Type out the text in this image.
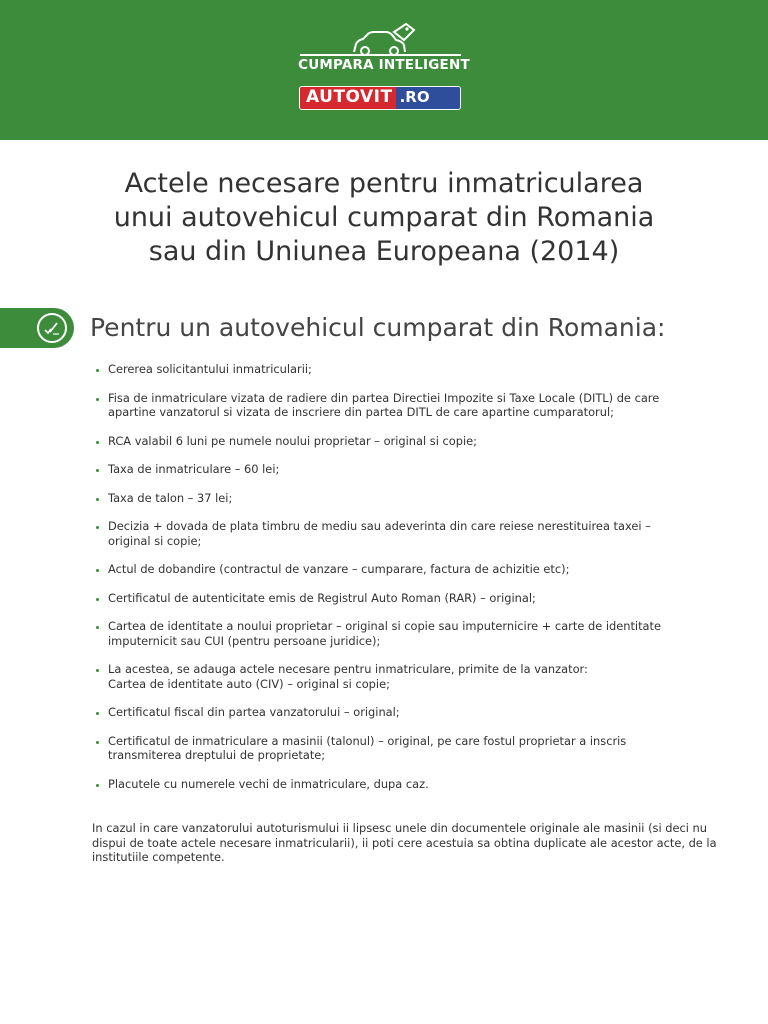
CUMPARA INTELIGENT
AUTOVIT .RO
Actele necesare pentru inmatricularea
unui autovehicul cumparat din Romania
sau din Uniunea Europeana (2014)
Pentru un autovehicul cumparat din Romania:
• Cererea solicitantului inmatricularii;
• Fisa de inmatriculare vizata de radiere din partea Directiei Impozite si Taxe Locale (DITL) de care
apartine vanzatorul si vizata de inscriere din partea DITL de care apartine cumparatorul;
• RCA valabil 6 luni pe numele noului proprietar – original si copie;
• Taxa de inmatriculare – 60 lei;
• Taxa de talon – 37 lei;
• Decizia + dovada de plata timbru de mediu sau adeverinta din care reiese nerestituirea taxei –
original si copie;
• Actul de dobandire (contractul de vanzare – cumparare, factura de achizitie etc);
• Certificatul de autenticitate emis de Registrul Auto Roman (RAR) – original;
• Cartea de identitate a noului proprietar – original si copie sau imputernicire + carte de identitate
imputernicit sau CUI (pentru persoane juridice);
• La acestea, se adauga actele necesare pentru inmatriculare, primite de la vanzator:
Cartea de identitate auto (CIV) – original si copie;
• Certificatul fiscal din partea vanzatorului – original;
• Certificatul de inmatriculare a masinii (talonul) – original, pe care fostul proprietar a inscris
transmiterea dreptului de proprietate;
• Placutele cu numerele vechi de inmatriculare, dupa caz.

In cazul in care vanzatorului autoturismului ii lipsesc unele din documentele originale ale masinii (si deci nu
dispui de toate actele necesare inmatricularii), ii poti cere acestuia sa obtina duplicate ale acestor acte, de la
institutiile competente.
